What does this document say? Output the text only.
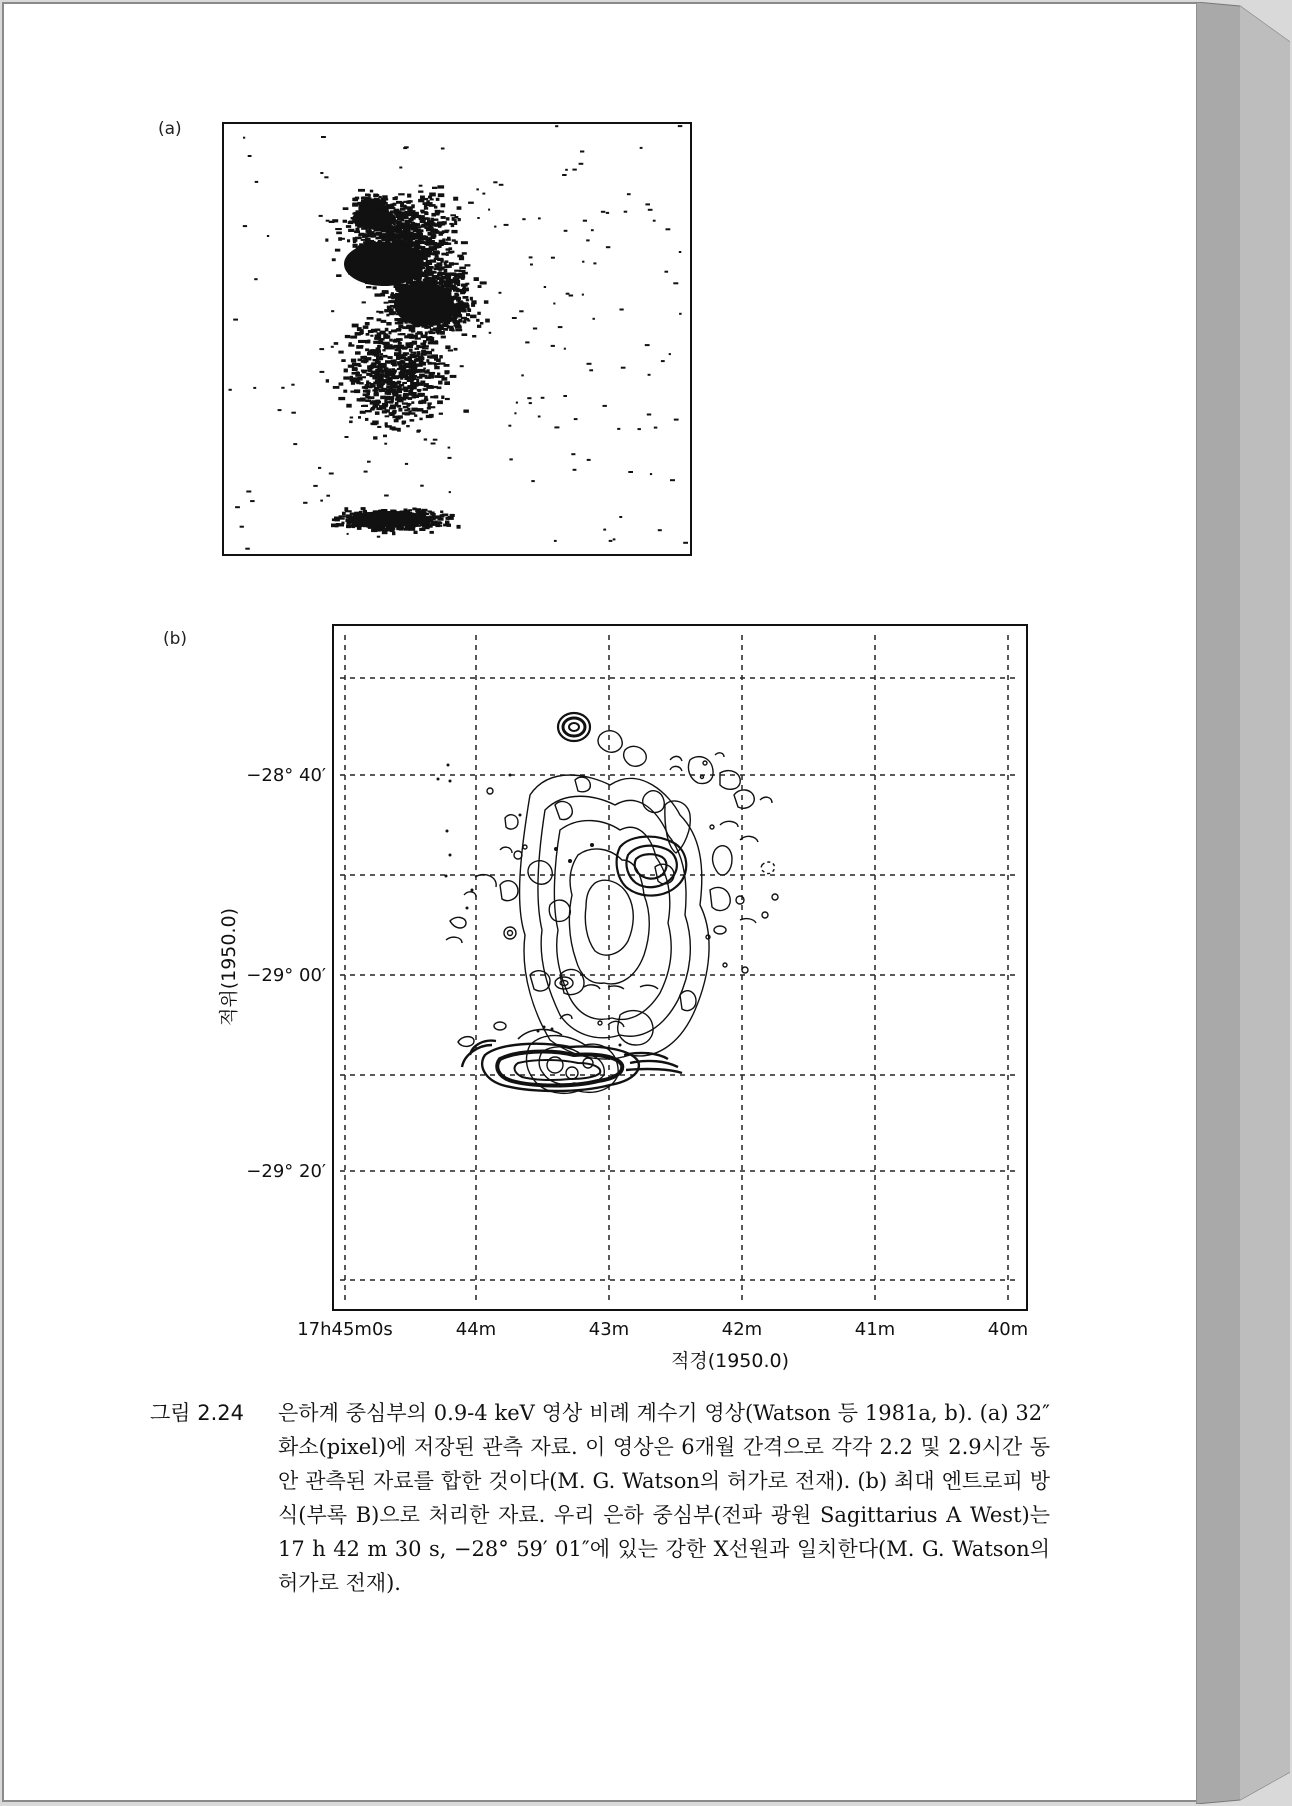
(a)
(b)
17h45m0s	44m	43m	42m	41m	40m
−28° 40′
−29° 00′
−29° 20′
적경(1950.0)
적위(1950.0)
그림 2.24 은하계 중심부의 0.9-4 keV 영상 비례 계수기 영상(Watson 등 1981a, b). (a) 32″ 화소(pixel)에 저장된 관측 자료. 이 영상은 6개월 간격으로 각각 2.2 및 2.9시간 동안 관측된 자료를 합한 것이다(M. G. Watson의 허가로 전재). (b) 최대 엔트로피 방식(부록 B)으로 처리한 자료. 우리 은하 중심부(전파 광원 Sagittarius A West)는 17 h 42 m 30 s, −28° 59′ 01″에 있는 강한 X선원과 일치한다(M. G. Watson의 허가로 전재).
